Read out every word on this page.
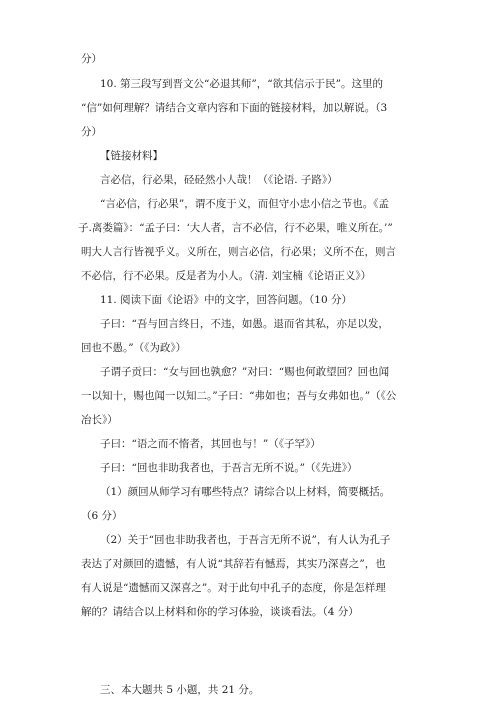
分）
10. 第三段写到晋文公“必退其师”，“欲其信示于民”。这里的
“信”如何理解？请结合文章内容和下面的链接材料，加以解说。（3
分）
【链接材料】
言必信，行必果，硁硁然小人哉！（《论语. 子路》）
“言必信，行必果”，谓不度于义，而但守小忠小信之节也。《孟
子.离娄篇》：“孟子曰：‘大人者，言不必信，行不必果，唯义所在。’”
明大人言行皆视乎义。义所在，则言必信，行必果；义所不在，则言
不必信，行不必果。反是者为小人。（清. 刘宝楠《论语正义》）
11. 阅读下面《论语》中的文字，回答问题。（10 分）
子曰：“吾与回言终日，不违，如愚。退而省其私，亦足以发，
回也不愚。”（《为政》）
子谓子贡曰：“女与回也孰愈？”对曰：“赐也何敢望回？回也闻
一以知十，赐也闻一以知二。”子曰：“弗如也；吾与女弗如也。”（《公
冶长》）
子曰：“语之而不惰者，其回也与！”（《子罕》）
子曰：“回也非助我者也，于吾言无所不说。”（《先进》）
（1）颜回从师学习有哪些特点？请综合以上材料，简要概括。
（6 分）
（2）关于“回也非助我者也，于吾言无所不说”，有人认为孔子
表达了对颜回的遗憾，有人说“其辞若有憾焉，其实乃深喜之”，也
有人说是“遗憾而又深喜之”。对于此句中孔子的态度，你是怎样理
解的？请结合以上材料和你的学习体验，谈谈看法。（4 分）
三、本大题共 5 小题，共 21 分。
